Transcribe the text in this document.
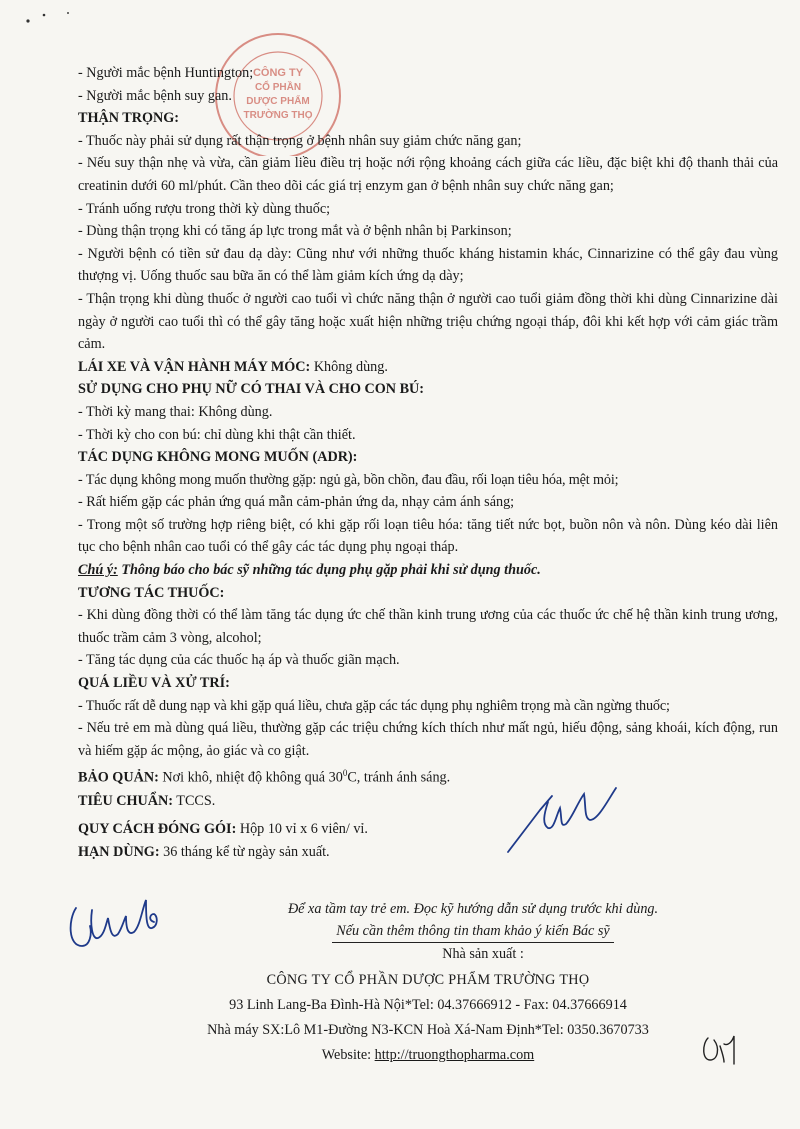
CÔNG TY
CỔ PHẦN
DƯỢC PHẨM
TRƯỜNG THỌ
- Người mắc bệnh Huntington;
- Người mắc bệnh suy gan.
THẬN TRỌNG:
- Thuốc này phải sử dụng rất thận trọng ở bệnh nhân suy giảm chức năng gan;
- Nếu suy thận nhẹ và vừa, cần giảm liều điều trị hoặc nới rộng khoảng cách giữa các liều, đặc biệt khi độ thanh thải của creatinin dưới 60 ml/phút. Cần theo dõi các giá trị enzym gan ở bệnh nhân suy chức năng gan;
- Tránh uống rượu trong thời kỳ dùng thuốc;
- Dùng thận trọng khi có tăng áp lực trong mắt và ở bệnh nhân bị Parkinson;
- Người bệnh có tiền sử đau dạ dày: Cũng như với những thuốc kháng histamin khác, Cinnarizine có thể gây đau vùng thượng vị. Uống thuốc sau bữa ăn có thể làm giảm kích ứng dạ dày;
- Thận trọng khi dùng thuốc ở người cao tuổi vì chức năng thận ở người cao tuổi giảm đồng thời khi dùng Cinnarizine dài ngày ở người cao tuổi thì có thể gây tăng hoặc xuất hiện những triệu chứng ngoại tháp, đôi khi kết hợp với cảm giác trầm cảm.
LÁI XE VÀ VẬN HÀNH MÁY MÓC: Không dùng.
SỬ DỤNG CHO PHỤ NỮ CÓ THAI VÀ CHO CON BÚ:
- Thời kỳ mang thai: Không dùng.
- Thời kỳ cho con bú: chỉ dùng khi thật cần thiết.
TÁC DỤNG KHÔNG MONG MUỐN (ADR):
- Tác dụng không mong muốn thường gặp: ngủ gà, bồn chồn, đau đầu, rối loạn tiêu hóa, mệt mỏi;
- Rất hiếm gặp các phản ứng quá mẫn cảm-phản ứng da, nhạy cảm ánh sáng;
- Trong một số trường hợp riêng biệt, có khi gặp rối loạn tiêu hóa: tăng tiết nức bọt, buồn nôn và nôn. Dùng kéo dài liên tục cho bệnh nhân cao tuổi có thể gây các tác dụng phụ ngoại tháp.
Chú ý: Thông báo cho bác sỹ những tác dụng phụ gặp phải khi sử dụng thuốc.
TƯƠNG TÁC THUỐC:
- Khi dùng đồng thời có thể làm tăng tác dụng ức chế thần kinh trung ương của các thuốc ức chế hệ thần kinh trung ương, thuốc trầm cảm 3 vòng, alcohol;
- Tăng tác dụng của các thuốc hạ áp và thuốc giãn mạch.
QUÁ LIỀU VÀ XỬ TRÍ:
- Thuốc rất dễ dung nạp và khi gặp quá liều, chưa gặp các tác dụng phụ nghiêm trọng mà cần ngừng thuốc;
- Nếu trẻ em mà dùng quá liều, thường gặp các triệu chứng kích thích như mất ngủ, hiếu động, sảng khoái, kích động, run và hiếm gặp ác mộng, ảo giác và co giật.
BẢO QUẢN: Nơi khô, nhiệt độ không quá $30^0C$, tránh ánh sáng.
TIÊU CHUẨN: TCCS.
QUY CÁCH ĐÓNG GÓI: Hộp 10 vỉ x 6 viên/ vỉ.
HẠN DÙNG: 36 tháng kể từ ngày sản xuất.
Để xa tầm tay trẻ em. Đọc kỹ hướng dẫn sử dụng trước khi dùng.
Nếu cần thêm thông tin tham khảo ý kiến Bác sỹ
Nhà sản xuất :
CÔNG TY CỔ PHẦN DƯỢC PHẨM TRƯỜNG THỌ
93 Linh Lang-Ba Đình-Hà Nội*Tel: 04.37666912 - Fax: 04.37666914
Nhà máy SX:Lô M1-Đường N3-KCN Hoà Xá-Nam Định*Tel: 0350.3670733
Website: http://truongthopharma.com
